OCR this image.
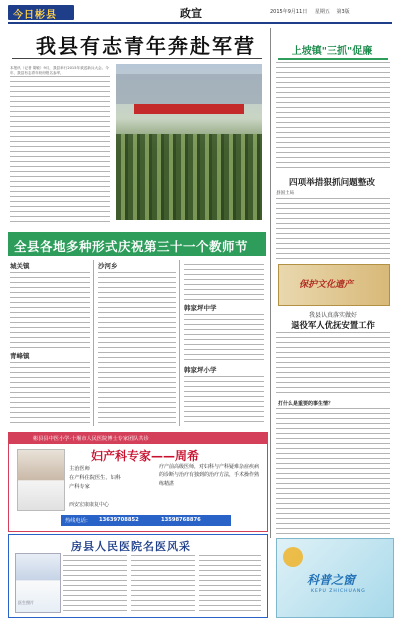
今日彬县	政宣	2015年9月11日 星期五 第3版
我县有志青年奔赴军营
本报讯（记者 胡敏）9月，我县举行2015年欢送新兵大会。今年，我县有志青年纷纷报名参军，
上坡镇"三抓"促廉
四项举措狠抓问题整改
县国土局
保护文化遗产
我县认真落实做好
退役军人优抚安置工作
打什么是重要的事生情？
全县各地多种形式庆祝第三十一个教师节
城关镇
青峰镇
沙河乡
韩家坪中学
韩家坪小学
彬县县中医小学·十堰市人民医院博士专家团队共诊
妇产科专家——周希
主治医师
在产科住院医生、妇科
产科专家
疗产前高级医师，对妇科与产科疑难杂症疾病的诊断与治疗有独到的治疗方法，手术操作熟练精湛
西安宏康康复中心
热线电话： 13639708852	13598768876
房县人民医院名医风采
医生照片
科普之窗
KEPU ZHICHUANG
